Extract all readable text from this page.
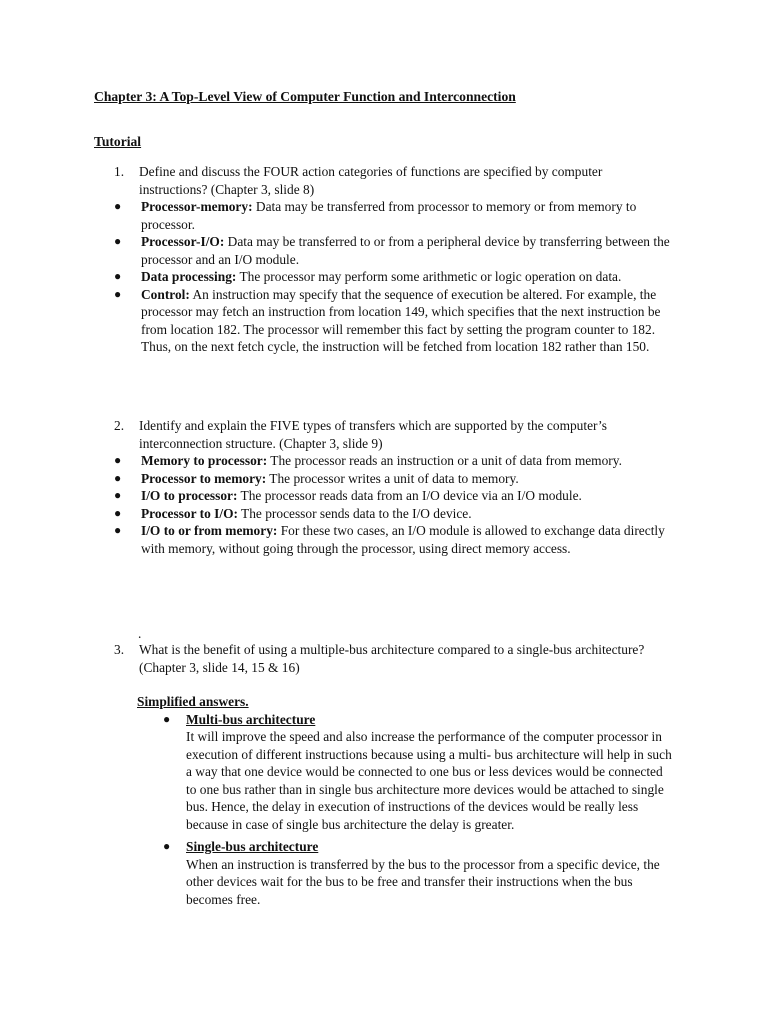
Chapter 3: A Top-Level View of Computer Function and Interconnection
Tutorial
1. Define and discuss the FOUR action categories of functions are specified by computer instructions? (Chapter 3, slide 8)
● Processor-memory: Data may be transferred from processor to memory or from memory to processor.
● Processor-I/O: Data may be transferred to or from a peripheral device by transferring between the processor and an I/O module.
● Data processing: The processor may perform some arithmetic or logic operation on data.
● Control: An instruction may specify that the sequence of execution be altered. For example, the processor may fetch an instruction from location 149, which specifies that the next instruction be from location 182. The processor will remember this fact by setting the program counter to 182. Thus, on the next fetch cycle, the instruction will be fetched from location 182 rather than 150.
2. Identify and explain the FIVE types of transfers which are supported by the computer’s interconnection structure. (Chapter 3, slide 9)
● Memory to processor: The processor reads an instruction or a unit of data from memory.
● Processor to memory: The processor writes a unit of data to memory.
● I/O to processor: The processor reads data from an I/O device via an I/O module.
● Processor to I/O: The processor sends data to the I/O device.
● I/O to or from memory: For these two cases, an I/O module is allowed to exchange data directly with memory, without going through the processor, using direct memory access.
.
3. What is the benefit of using a multiple-bus architecture compared to a single-bus architecture? (Chapter 3, slide 14, 15 & 16)
Simplified answers.
● Multi-bus architecture
It will improve the speed and also increase the performance of the computer processor in execution of different instructions because using a multi- bus architecture will help in such a way that one device would be connected to one bus or less devices would be connected to one bus rather than in single bus architecture more devices would be attached to single bus. Hence, the delay in execution of instructions of the devices would be really less because in case of single bus architecture the delay is greater.
● Single-bus architecture
When an instruction is transferred by the bus to the processor from a specific device, the other devices wait for the bus to be free and transfer their instructions when the bus becomes free.
